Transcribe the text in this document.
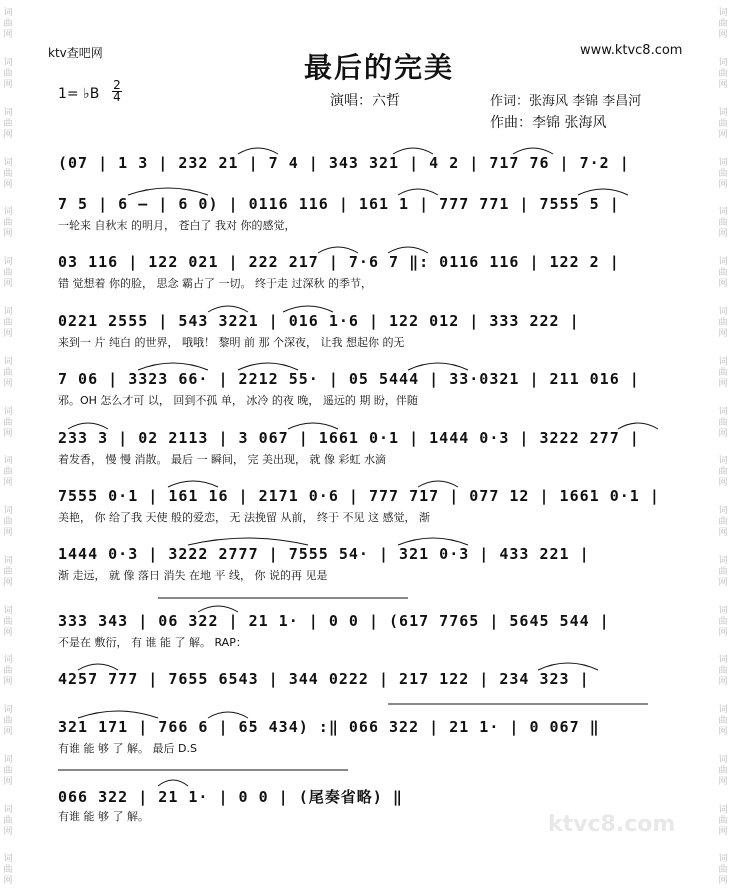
词
曲
网
词
曲
网
词
曲
网
词
曲
网
词
曲
网
词
曲
网
词
曲
网
词
曲
网
词
曲
网
词
曲
网
词
曲
网
词
曲
网
词
曲
网
词
曲
网
词
曲
网
词
曲
网
词
曲
网
词
曲
网
词
曲
网
词
曲
网
词
曲
网
词
曲
网
词
曲
网
词
曲
网
词
曲
网
词
曲
网
词
曲
网
词
曲
网
词
曲
网
词
曲
网
词
曲
网
词
曲
网
词
曲
网
词
曲
网
词
曲
网
词
曲
网
ktv查吧网	www.ktvc8.com
最后的完美
1= ♭B
2
4	演唱：六哲	作词：张海风 李锦 李昌河
作曲：李锦 张海风
(07 | 1 3 | 232 21 | 7 4 | 343 321 | 4 2 | 717 76 | 7·2 |
7 5 | 6 – | 6 0) | 0116 116 | 161 1 | 777 771 | 7555 5 |
一轮来 自秋末 的明月， 苍白了 我对 你的感觉，
03 116 | 122 021 | 222 217 | 7·6 7 ‖: 0116 116 | 122 2 |
错 觉想着 你的脸， 思念 霸占了 一切。 终于走 过深秋 的季节，
0221 2555 | 543 3221 | 016 1·6 | 122 012 | 333 222 |
来到一 片 纯白 的世界， 哦哦！ 黎明 前 那 个深夜， 让我 想起你 的无
7 06 | 3323 66· | 2212 55· | 05 5444 | 33·0321 | 211 016 |
邪。OH 怎么才可 以， 回到不孤 单， 冰冷 的夜 晚， 遥远的 期 盼，伴随
233 3 | 02 2113 | 3 067 | 1661 0·1 | 1444 0·3 | 3222 277 |
着发香， 慢 慢 消散。 最后 一 瞬间， 完 美出现， 就 像 彩虹 水滴
7555 0·1 | 161 16 | 2171 0·6 | 777 717 | 077 12 | 1661 0·1 |
美艳， 你 给了我 天使 般的爱恋， 无 法挽留 从前， 终于 不见 这 感觉， 渐
1444 0·3 | 3222 2777 | 7555 54· | 321 0·3 | 433 221 |
渐 走远， 就 像 落日 消失 在地 平 线， 你 说的再 见是
333 343 | 06 322 | 21 1· | 0 0 | (617 7765 | 5645 544 |
不是在 敷衍， 有 谁 能 了 解。 RAP：
4257 777 | 7655 6543 | 344 0222 | 217 122 | 234 323 |
321 171 | 766 6 | 65 434) :‖ 066 322 | 21 1· | 0 067 ‖
有谁 能 够 了 解。 最后 D.S
066 322 | 21 1· | 0 0 | (尾奏省略) ‖
有谁 能 够 了 解。	ktvc8.com
